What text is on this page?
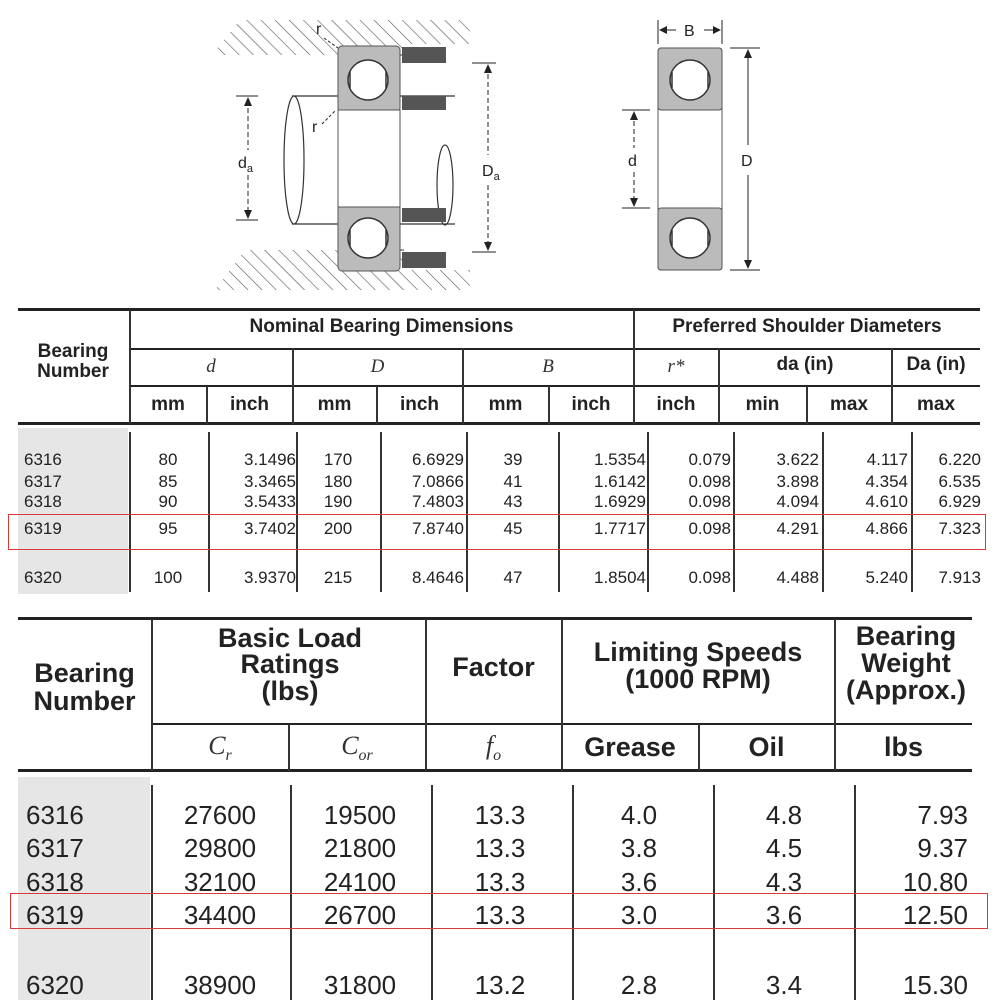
r
r
$d_a$	$D_a$
B
d	D
Bearing Number
Nominal Bearing Dimensions	Preferred Shoulder Diameters
d	D	B	r*	da (in)	Da (in)
mm	inch	mm	inch	mm	inch	inch	min	max	max
6316	80	3.1496	170	6.6929	39	1.5354	0.079	3.622	4.117	6.220
6317	85	3.3465	180	7.0866	41	1.6142	0.098	3.898	4.354	6.535
6318	90	3.5433	190	7.4803	43	1.6929	0.098	4.094	4.610	6.929
6319	95	3.7402	200	7.8740	45	1.7717	0.098	4.291	4.866	7.323
6320	100	3.9370	215	8.4646	47	1.8504	0.098	4.488	5.240	7.913
Bearing Number
Basic Load Ratings (lbs)
Factor	Limiting Speeds (1000 RPM)
Bearing Weight (Approx.)
$C_r$	$C_{or}$	$f_o$	Grease	Oil	lbs
6316	27600	19500	13.3	4.0	4.8	7.93
6317	29800	21800	13.3	3.8	4.5	9.37
6318	32100	24100	13.3	3.6	4.3	10.80
6319	34400	26700	13.3	3.0	3.6	12.50
6320	38900	31800	13.2	2.8	3.4	15.30
